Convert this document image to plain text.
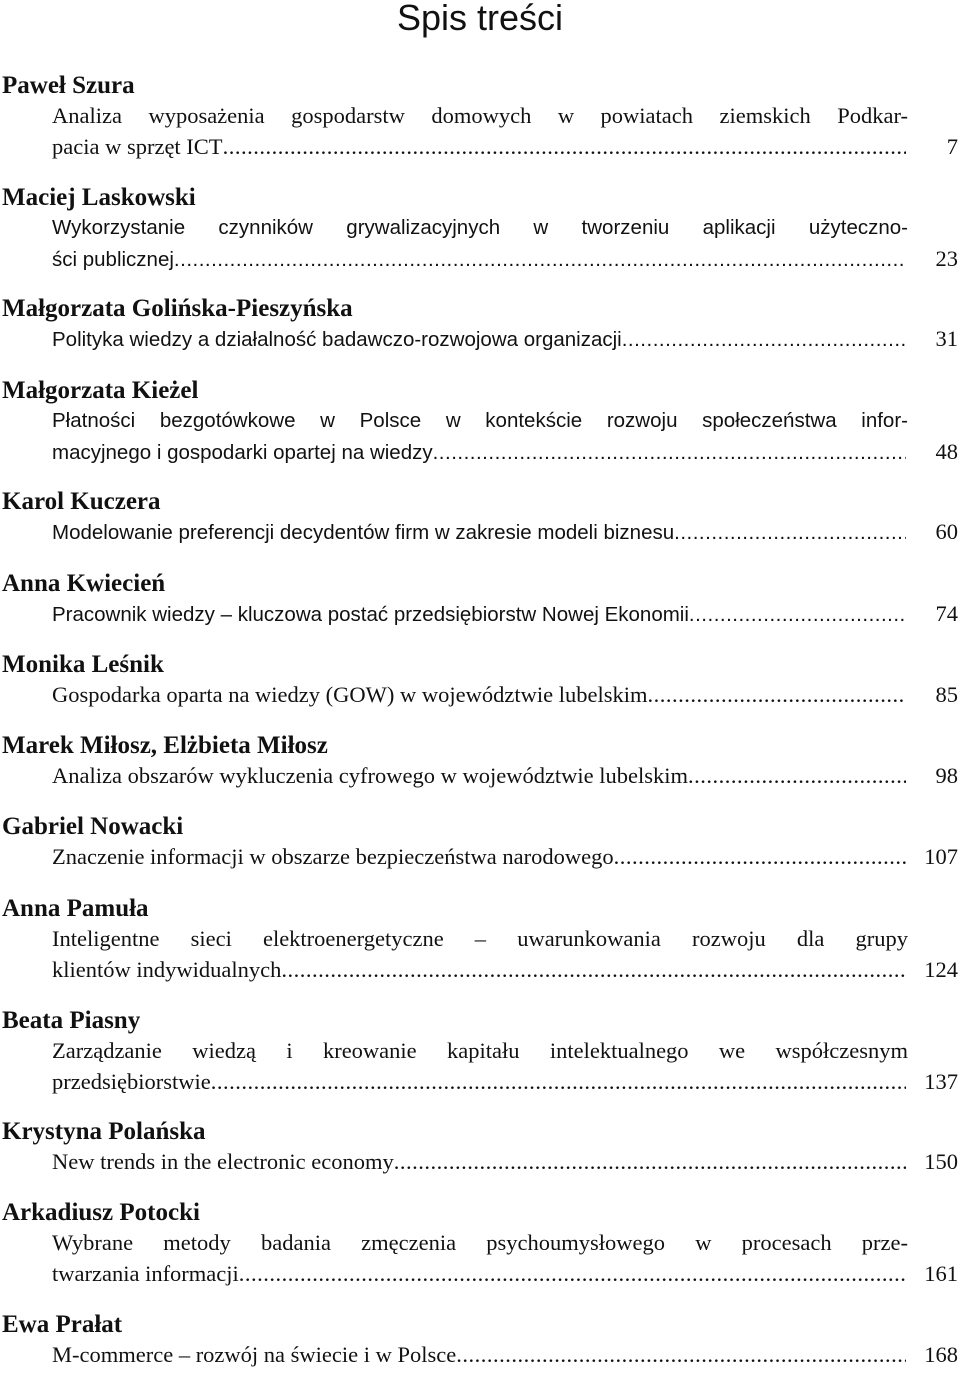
Spis treści
Paweł Szura
Analiza wyposażenia gospodarstw domowych w powiatach ziemskich Podkar-
pacia w sprzęt ICT .....	7
Maciej Laskowski
Wykorzystanie czynników grywalizacyjnych w tworzeniu aplikacji użyteczno-
ści publicznej .....	23
Małgorzata Golińska-Pieszyńska
Polityka wiedzy a działalność badawczo-rozwojowa organizacji .....	31
Małgorzata Kieżel
Płatności bezgotówkowe w Polsce w kontekście rozwoju społeczeństwa infor-
macyjnego i gospodarki opartej na wiedzy .....	48
Karol Kuczera
Modelowanie preferencji decydentów firm w zakresie modeli biznesu .....	60
Anna Kwiecień
Pracownik wiedzy – kluczowa postać przedsiębiorstw Nowej Ekonomii .....	74
Monika Leśnik
Gospodarka oparta na wiedzy (GOW) w województwie lubelskim .....	85
Marek Miłosz, Elżbieta Miłosz
Analiza obszarów wykluczenia cyfrowego w województwie lubelskim .....	98
Gabriel Nowacki
Znaczenie informacji w obszarze bezpieczeństwa narodowego .....	107
Anna Pamuła
Inteligentne sieci elektroenergetyczne – uwarunkowania rozwoju dla grupy
klientów indywidualnych .....	124
Beata Piasny
Zarządzanie wiedzą i kreowanie kapitału intelektualnego we współczesnym
przedsiębiorstwie .....	137
Krystyna Polańska
New trends in the electronic economy .....	150
Arkadiusz Potocki
Wybrane metody badania zmęczenia psychoumysłowego w procesach prze-
twarzania informacji .....	161
Ewa Prałat
M-commerce – rozwój na świecie i w Polsce .....	168
